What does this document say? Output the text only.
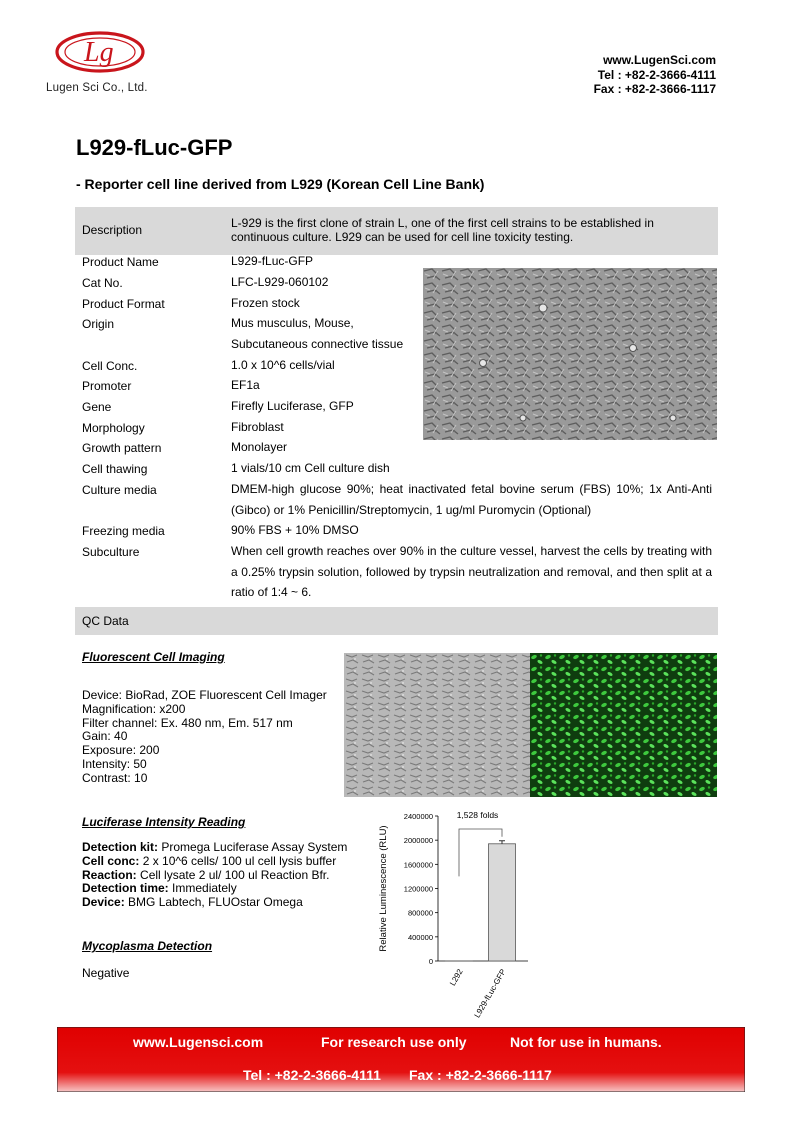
Lg
Lugen Sci Co., Ltd.
www.LugenSci.com
Tel : +82-2-3666-4111
Fax : +82-2-3666-1117
L929-fLuc-GFP
- Reporter cell line derived from L929 (Korean Cell Line Bank)
Description	L-929 is the first clone of strain L, one of the first cell strains to be established in continuous culture. L929 can be used for cell line toxicity testing.
Product Name	L929-fLuc-GFP
Cat No.	LFC-L929-060102
Product Format	Frozen stock
Origin	Mus musculus, Mouse,
Subcutaneous connective tissue
Cell Conc.	1.0 x 10^6 cells/vial
Promoter	EF1a
Gene	Firefly Luciferase, GFP
Morphology	Fibroblast
Growth pattern	Monolayer
Cell thawing	1 vials/10 cm Cell culture dish
Culture media	DMEM-high glucose 90%; heat inactivated fetal bovine serum (FBS) 10%; 1x Anti-Anti (Gibco) or 1% Penicillin/Streptomycin, 1 ug/ml Puromycin (Optional)
Freezing media	90% FBS + 10% DMSO
Subculture	When cell growth reaches over 90% in the culture vessel, harvest the cells by treating with a 0.25% trypsin solution, followed by trypsin neutralization and removal, and then split at a ratio of 1:4 ~ 6.
QC Data
Fluorescent Cell Imaging
Device: BioRad, ZOE Fluorescent Cell Imager
Magnification: x200
Filter channel: Ex. 480 nm, Em. 517 nm
Gain: 40
Exposure: 200
Intensity: 50
Contrast: 10
Luciferase Intensity Reading
Detection kit: Promega Luciferase Assay System
Cell conc: 2 x 10^6 cells/ 100 ul cell lysis buffer
Reaction: Cell lysate 2 ul/ 100 ul Reaction Bfr.
Detection time: Immediately
Device: BMG Labtech, FLUOstar Omega
Mycoplasma Detection
Negative
Relative Luminescence (RLU)
0
400000
800000
1200000
1600000
2000000
2400000
L292 L929-fLuc-GFP
1,528 folds
www.Lugensci.com	For research use only	Not for use in humans.
Tel : +82-2-3666-4111 Fax : +82-2-3666-1117
